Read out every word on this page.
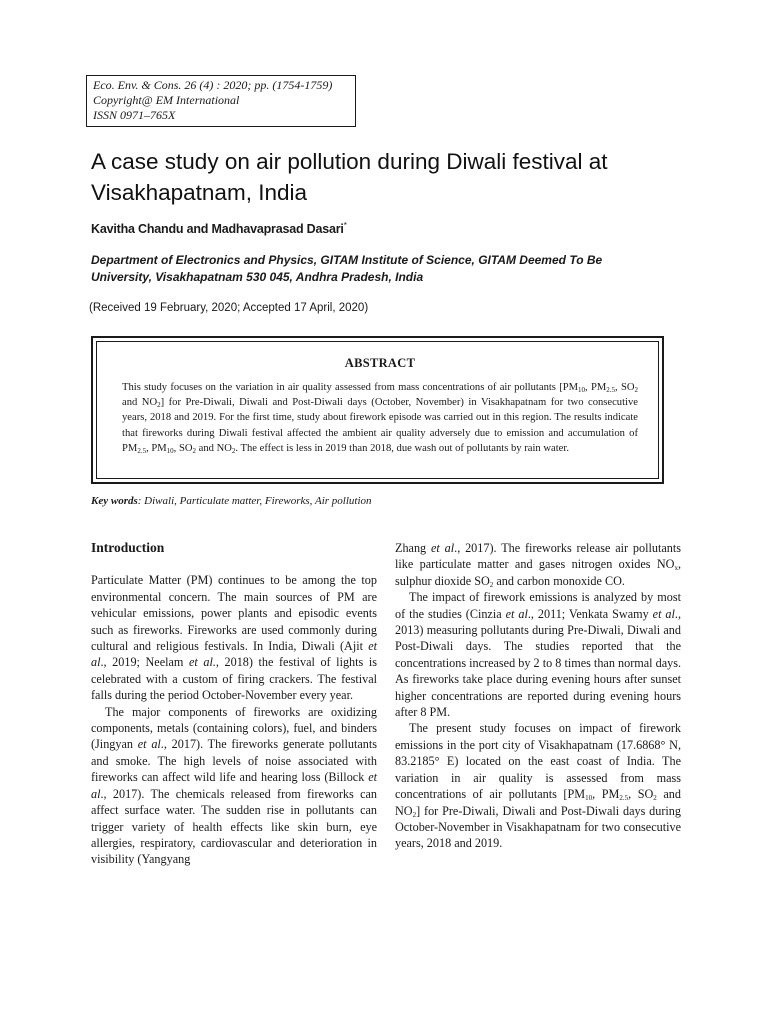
Eco. Env. & Cons. 26 (4) : 2020; pp. (1754-1759)
Copyright@ EM International
ISSN 0971–765X
A case study on air pollution during Diwali festival at Visakhapatnam, India
Kavitha Chandu and Madhavaprasad Dasari*
Department of Electronics and Physics, GITAM Institute of Science, GITAM Deemed To Be University, Visakhapatnam 530 045, Andhra Pradesh, India
(Received 19 February, 2020; Accepted 17 April, 2020)
ABSTRACT
This study focuses on the variation in air quality assessed from mass concentrations of air pollutants [$PM_{10}$, $PM_{2.5}$, $SO_2$ and $NO_2$] for Pre-Diwali, Diwali and Post-Diwali days (October, November) in Visakhapatnam for two consecutive years, 2018 and 2019. For the first time, study about firework episode was carried out in this region. The results indicate that fireworks during Diwali festival affected the ambient air quality adversely due to emission and accumulation of $PM_{2.5}$, $PM_{10}$, $SO_2$ and $NO_2$. The effect is less in 2019 than 2018, due wash out of pollutants by rain water.
Key words: Diwali, Particulate matter, Fireworks, Air pollution
Introduction

Particulate Matter (PM) continues to be among the top environmental concern. The main sources of PM are vehicular emissions, power plants and episodic events such as fireworks. Fireworks are used commonly during cultural and religious festivals. In India, Diwali (Ajit et al., 2019; Neelam et al., 2018) the festival of lights is celebrated with a custom of firing crackers. The festival falls during the period October-November every year.

The major components of fireworks are oxidizing components, metals (containing colors), fuel, and binders (Jingyan et al., 2017). The fireworks generate pollutants and smoke. The high levels of noise associated with fireworks can affect wild life and hearing loss (Billock et al., 2017). The chemicals released from fireworks can affect surface water. The sudden rise in pollutants can trigger variety of health effects like skin burn, eye allergies, respiratory, cardiovascular and deterioration in visibility (Yangyang

Zhang et al., 2017). The fireworks release air pollutants like particulate matter and gases nitrogen oxides $NO_x$, sulphur dioxide $SO_2$ and carbon monoxide CO.

The impact of firework emissions is analyzed by most of the studies (Cinzia et al., 2011; Venkata Swamy et al., 2013) measuring pollutants during Pre-Diwali, Diwali and Post-Diwali days. The studies reported that the concentrations increased by 2 to 8 times than normal days. As fireworks take place during evening hours after sunset higher concentrations are reported during evening hours after 8 PM.

The present study focuses on impact of firework emissions in the port city of Visakhapatnam (17.6868° N, 83.2185° E) located on the east coast of India. The variation in air quality is assessed from mass concentrations of air pollutants [$PM_{10}$, $PM_{2.5}$, $SO_2$ and $NO_2$] for Pre-Diwali, Diwali and Post-Diwali days during October-November in Visakhapatnam for two consecutive years, 2018 and 2019.
